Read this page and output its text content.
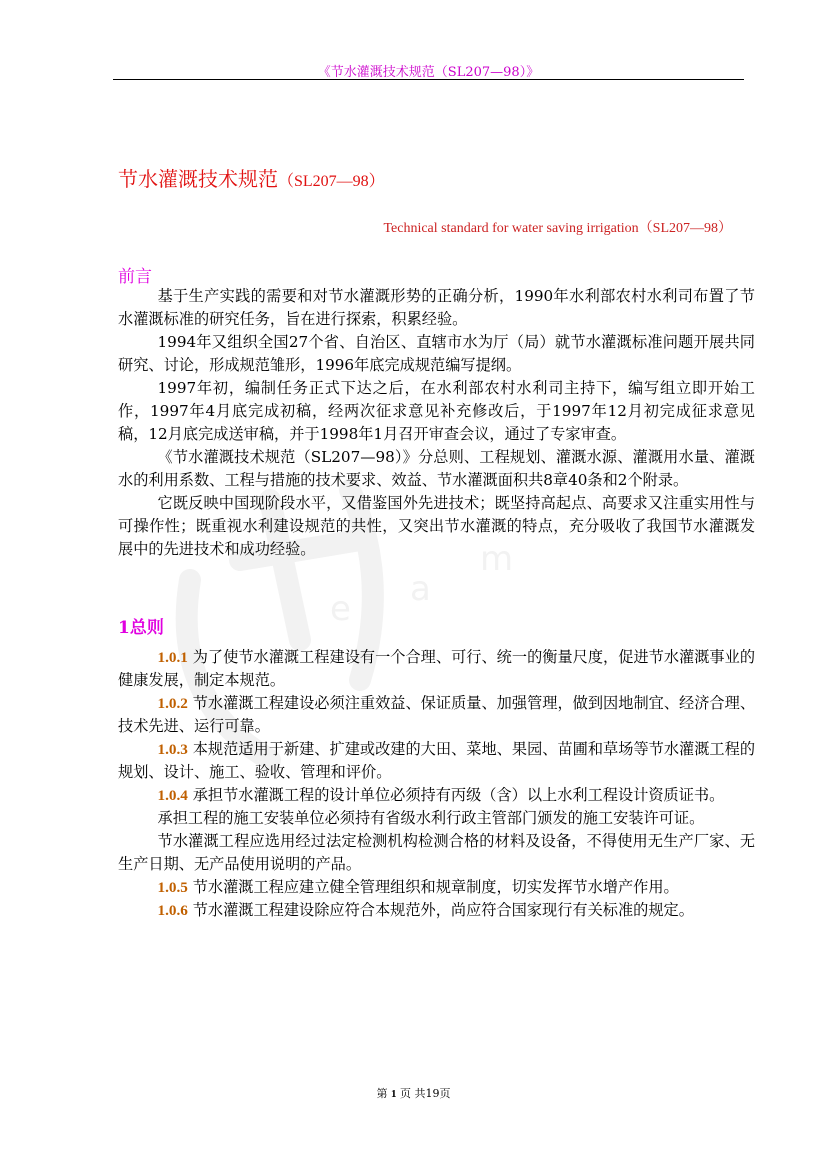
e a
m
《节水灌溉技术规范（SL207—98）》
节水灌溉技术规范（SL207—98）
Technical standard for water saving irrigation（SL207—98）
前言

基于生产实践的需要和对节水灌溉形势的正确分析，1990年水利部农村水利司布置了节水灌溉标准的研究任务，旨在进行探索，积累经验。

1994年又组织全国27个省、自治区、直辖市水为厅（局）就节水灌溉标准问题开展共同研究、讨论，形成规范雏形，1996年底完成规范编写提纲。

1997年初，编制任务正式下达之后，在水利部农村水利司主持下，编写组立即开始工作，1997年4月底完成初稿，经两次征求意见补充修改后，于1997年12月初完成征求意见稿，12月底完成送审稿，并于1998年1月召开审查会议，通过了专家审查。

《节水灌溉技术规范（SL207—98）》分总则、工程规划、灌溉水源、灌溉用水量、灌溉水的利用系数、工程与措施的技术要求、效益、节水灌溉面积共8章40条和2个附录。

它既反映中国现阶段水平，又借鉴国外先进技术；既坚持高起点、高要求又注重实用性与可操作性；既重视水利建设规范的共性，又突出节水灌溉的特点，充分吸收了我国节水灌溉发展中的先进技术和成功经验。

1总则

1.0.1 为了使节水灌溉工程建设有一个合理、可行、统一的衡量尺度，促进节水灌溉事业的健康发展，制定本规范。

1.0.2 节水灌溉工程建设必须注重效益、保证质量、加强管理，做到因地制宜、经济合理、技术先进、运行可靠。

1.0.3 本规范适用于新建、扩建或改建的大田、菜地、果园、苗圃和草场等节水灌溉工程的规划、设计、施工、验收、管理和评价。

1.0.4 承担节水灌溉工程的设计单位必须持有丙级（含）以上水利工程设计资质证书。

承担工程的施工安装单位必须持有省级水利行政主管部门颁发的施工安装许可证。

节水灌溉工程应选用经过法定检测机构检测合格的材料及设备，不得使用无生产厂家、无生产日期、无产品使用说明的产品。

1.0.5 节水灌溉工程应建立健全管理组织和规章制度，切实发挥节水增产作用。

1.0.6 节水灌溉工程建设除应符合本规范外，尚应符合国家现行有关标准的规定。

第 1 页 共19页
